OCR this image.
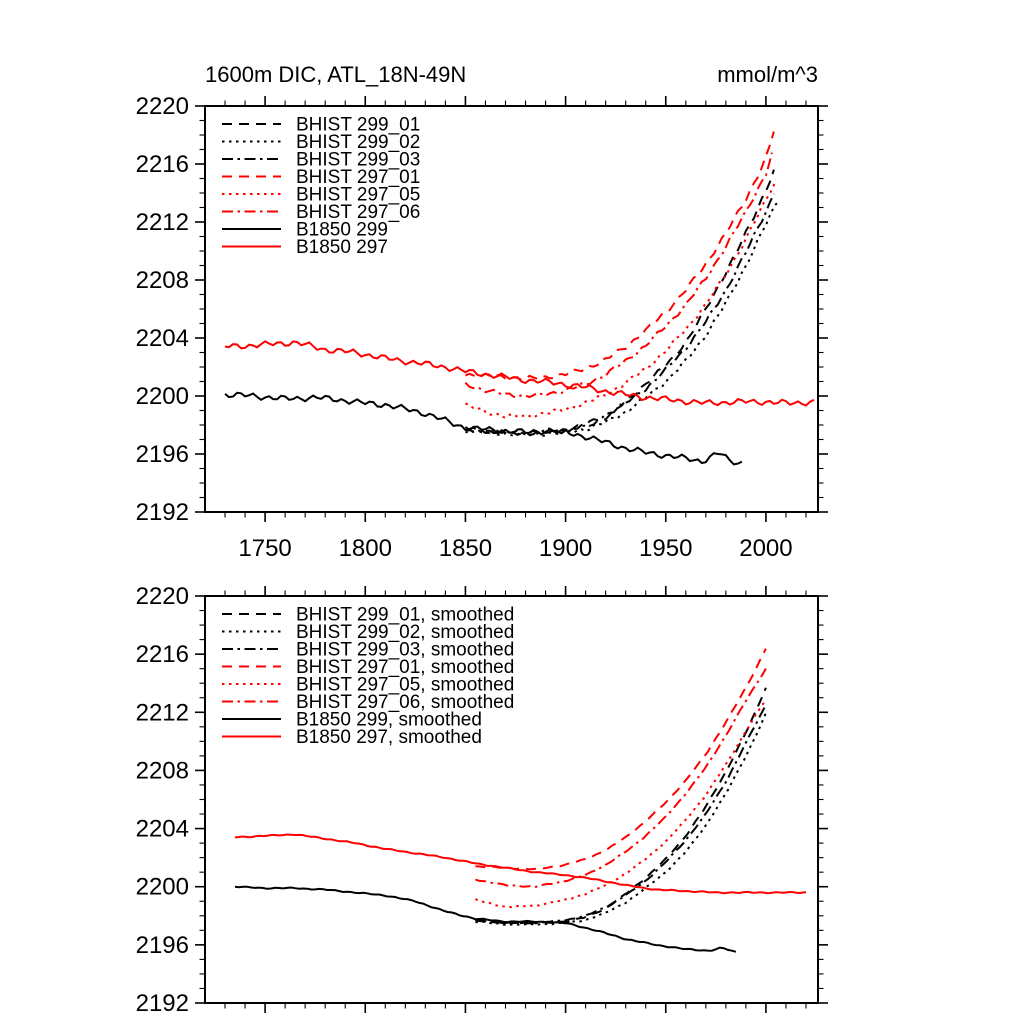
1750 1800 1850 1900 1950 2000
2192
2196
2200
2204
2208
2212
2216
2220
BHIST 299_01
BHIST 299_02
BHIST 299_03
BHIST 297_01
BHIST 297_05
BHIST 297_06
B1850 299
B1850 297
2192
2196
2200
2204
2208
2212
2216
2220
BHIST 299_01, smoothed
BHIST 299_02, smoothed
BHIST 299_03, smoothed
BHIST 297_01, smoothed
BHIST 297_05, smoothed
BHIST 297_06, smoothed
B1850 299, smoothed
B1850 297, smoothed
1600m DIC, ATL_18N-49N	mmol/m^3
